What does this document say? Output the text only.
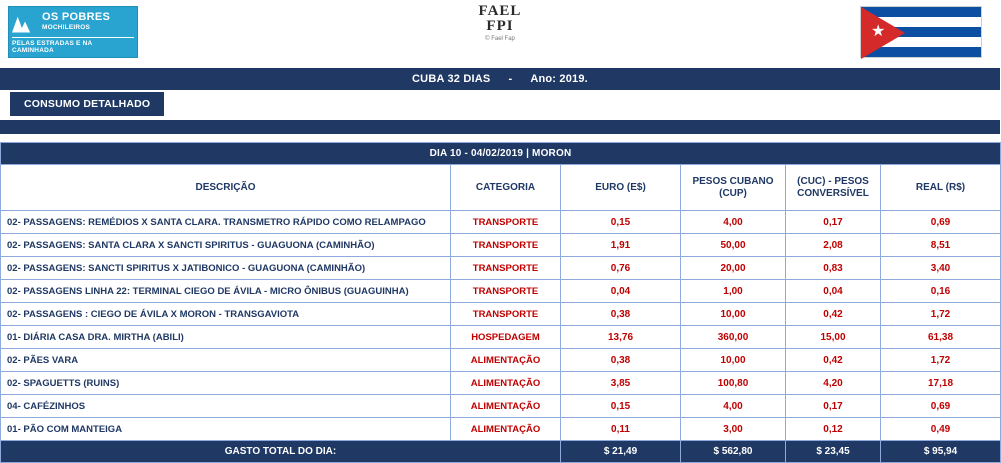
OS POBRES
MOCHILEIROS
PELAS ESTRADAS E NA CAMINHADA
FAEL
FPI
© Fael Fap	★
CUBA 32 DIAS	-	Ano: 2019.
CONSUMO DETALHADO
DIA 10 - 04/02/2019 | MORON					
DESCRIÇÃO	CATEGORIA	EURO (E$)	PESOS CUBANO (CUP)	(CUC) - PESOS CONVERSÍVEL	REAL (R$)
02- PASSAGENS: REMÉDIOS X SANTA CLARA. TRANSMETRO RÁPIDO COMO RELAMPAGO	TRANSPORTE	0,15	4,00	0,17	0,69
02- PASSAGENS: SANTA CLARA X SANCTI SPIRITUS - GUAGUONA (CAMINHÃO)	TRANSPORTE	1,91	50,00	2,08	8,51
02- PASSAGENS: SANCTI SPIRITUS X JATIBONICO - GUAGUONA (CAMINHÃO)	TRANSPORTE	0,76	20,00	0,83	3,40
02- PASSAGENS LINHA 22: TERMINAL CIEGO DE ÁVILA - MICRO ÔNIBUS (GUAGUINHA)	TRANSPORTE	0,04	1,00	0,04	0,16
02- PASSAGENS : CIEGO DE ÁVILA X MORON - TRANSGAVIOTA	TRANSPORTE	0,38	10,00	0,42	1,72
01- DIÁRIA CASA DRA. MIRTHA (ABILI)	HOSPEDAGEM	13,76	360,00	15,00	61,38
02- PÃES VARA	ALIMENTAÇÃO	0,38	10,00	0,42	1,72
02- SPAGUETTS (RUINS)	ALIMENTAÇÃO	3,85	100,80	4,20	17,18
04- CAFÉZINHOS	ALIMENTAÇÃO	0,15	4,00	0,17	0,69
01- PÃO COM MANTEIGA	ALIMENTAÇÃO	0,11	3,00	0,12	0,49
GASTO TOTAL DO DIA:		$ 21,49	$ 562,80	$ 23,45	$ 95,94
